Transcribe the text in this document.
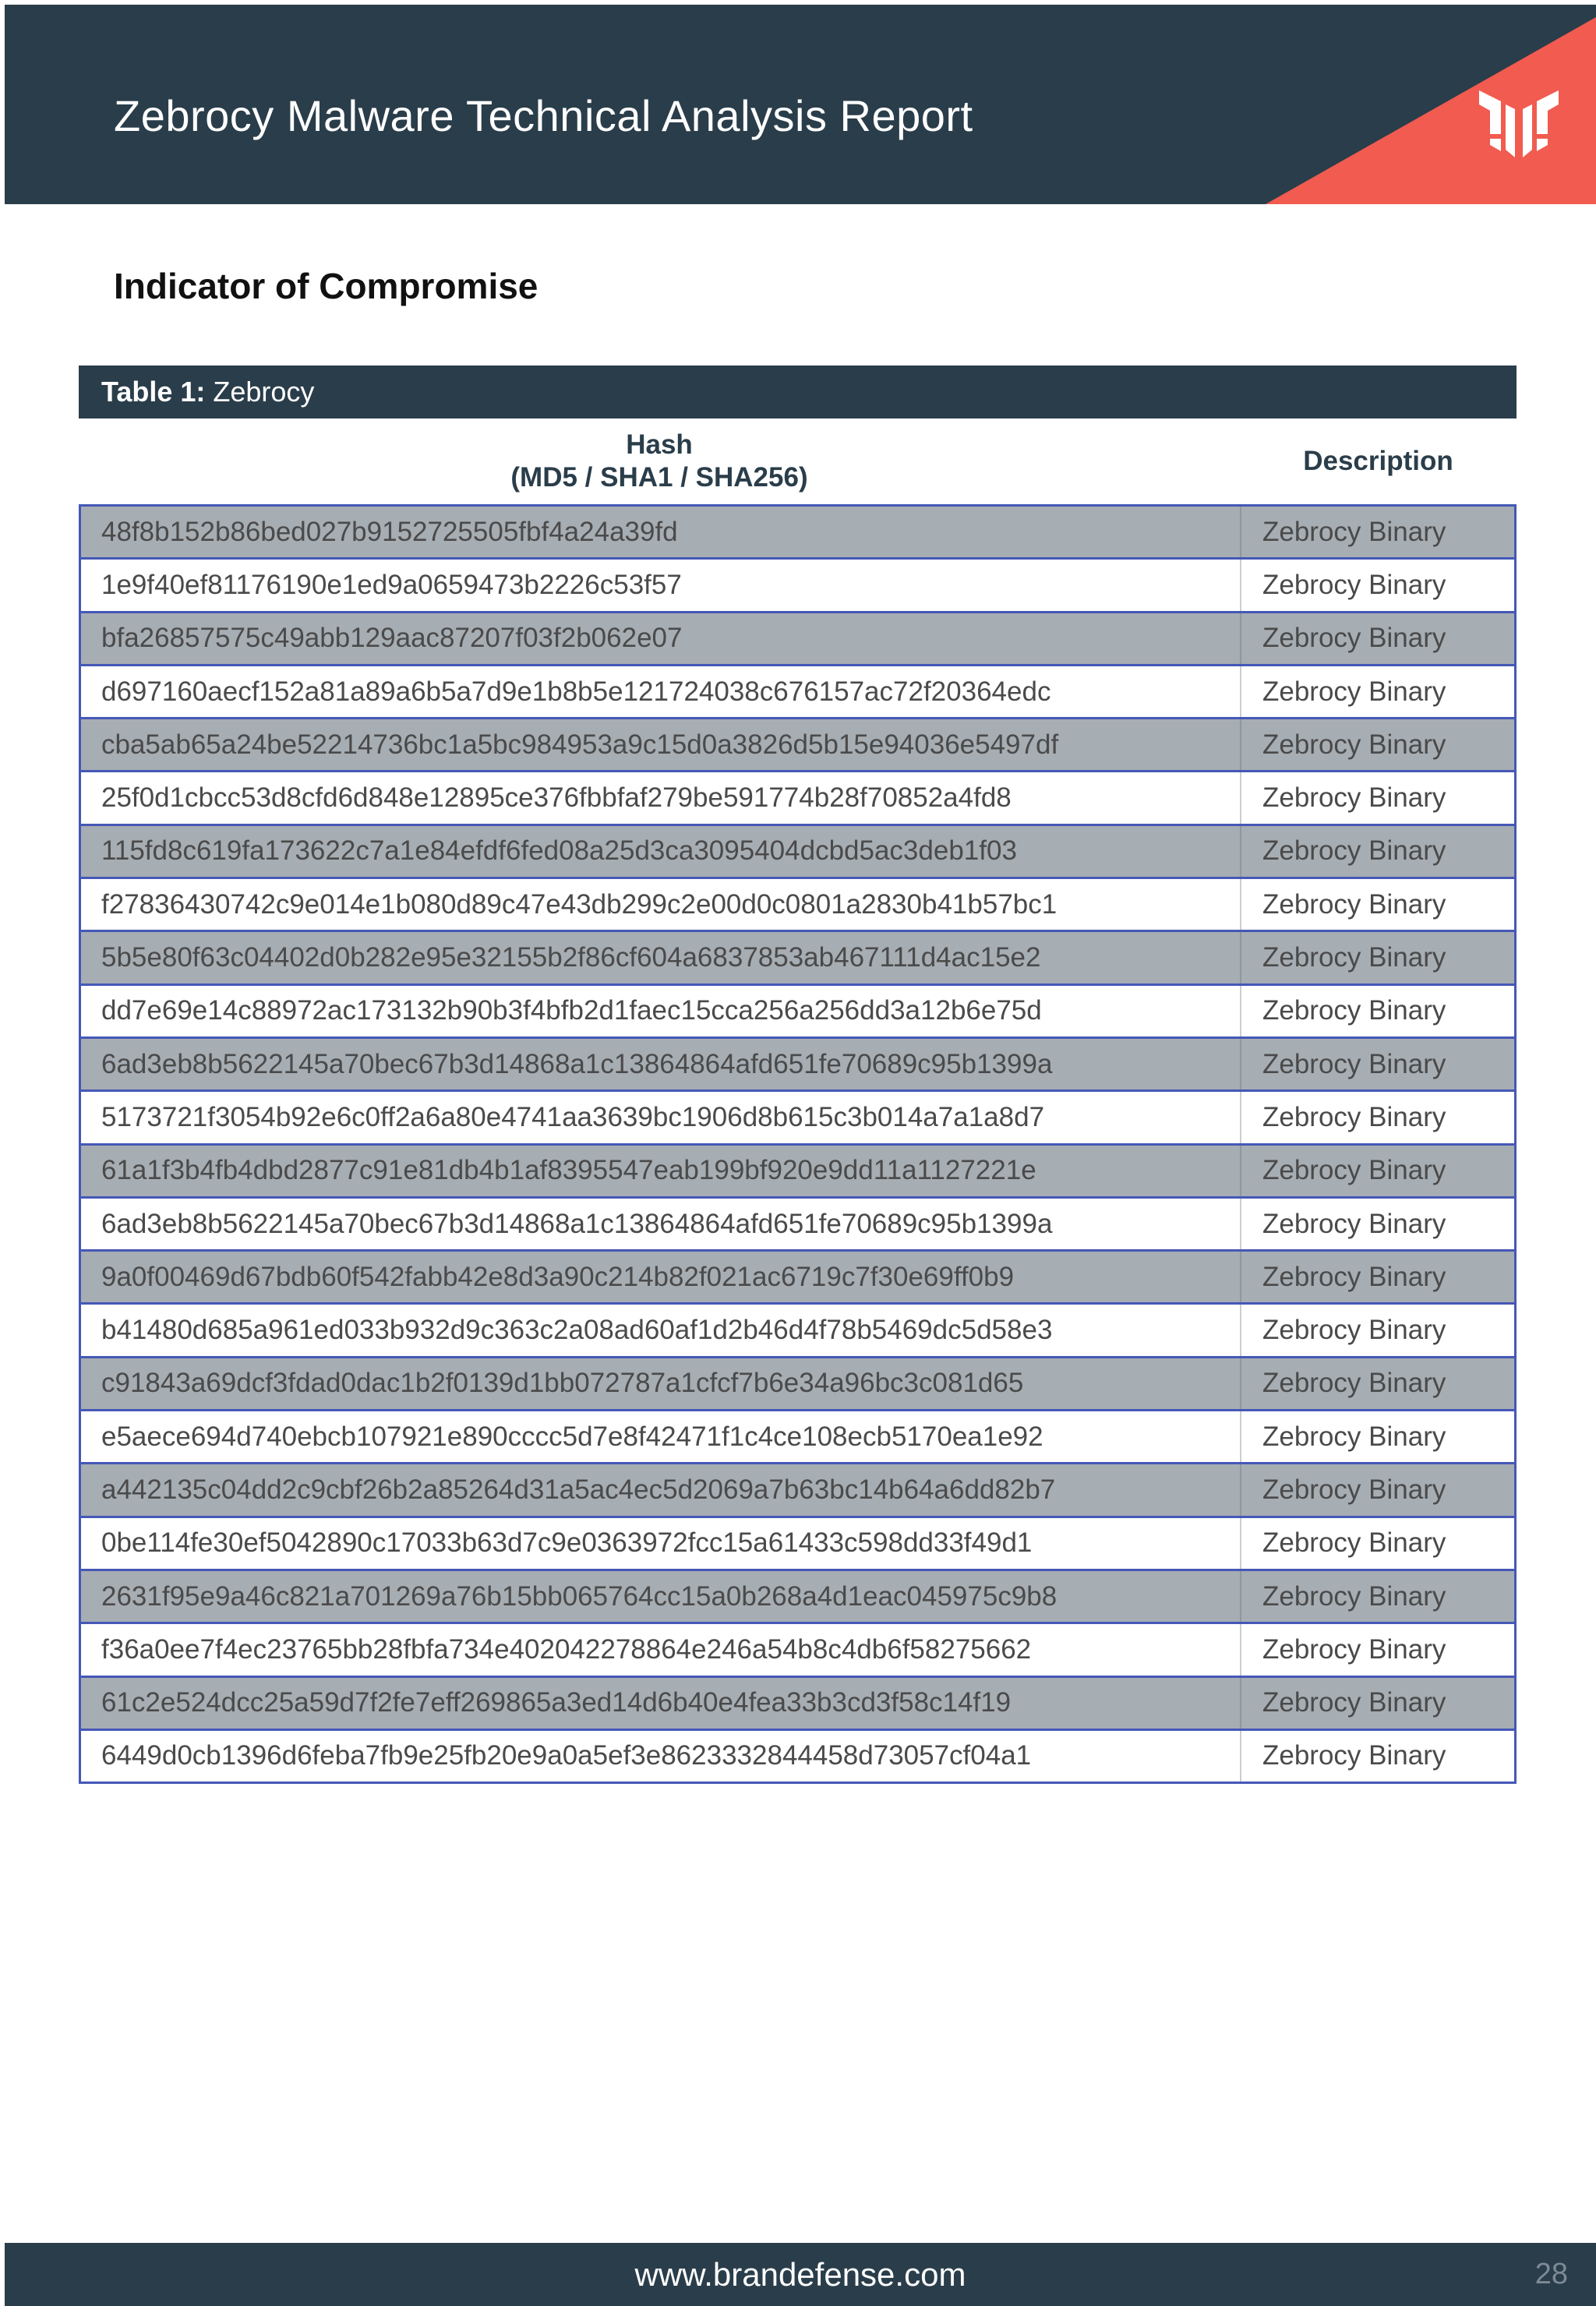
Zebrocy Malware Technical Analysis Report
Indicator of Compromise
Table 1: Zebrocy
Hash
(MD5 / SHA1 / SHA256)
Description
48f8b152b86bed027b9152725505fbf4a24a39fd	Zebrocy Binary
1e9f40ef81176190e1ed9a0659473b2226c53f57	Zebrocy Binary
bfa26857575c49abb129aac87207f03f2b062e07	Zebrocy Binary
d697160aecf152a81a89a6b5a7d9e1b8b5e121724038c676157ac72f20364edc	Zebrocy Binary
cba5ab65a24be52214736bc1a5bc984953a9c15d0a3826d5b15e94036e5497df	Zebrocy Binary
25f0d1cbcc53d8cfd6d848e12895ce376fbbfaf279be591774b28f70852a4fd8	Zebrocy Binary
115fd8c619fa173622c7a1e84efdf6fed08a25d3ca3095404dcbd5ac3deb1f03	Zebrocy Binary
f27836430742c9e014e1b080d89c47e43db299c2e00d0c0801a2830b41b57bc1	Zebrocy Binary
5b5e80f63c04402d0b282e95e32155b2f86cf604a6837853ab467111d4ac15e2	Zebrocy Binary
dd7e69e14c88972ac173132b90b3f4bfb2d1faec15cca256a256dd3a12b6e75d	Zebrocy Binary
6ad3eb8b5622145a70bec67b3d14868a1c13864864afd651fe70689c95b1399a	Zebrocy Binary
5173721f3054b92e6c0ff2a6a80e4741aa3639bc1906d8b615c3b014a7a1a8d7	Zebrocy Binary
61a1f3b4fb4dbd2877c91e81db4b1af8395547eab199bf920e9dd11a1127221e	Zebrocy Binary
6ad3eb8b5622145a70bec67b3d14868a1c13864864afd651fe70689c95b1399a	Zebrocy Binary
9a0f00469d67bdb60f542fabb42e8d3a90c214b82f021ac6719c7f30e69ff0b9	Zebrocy Binary
b41480d685a961ed033b932d9c363c2a08ad60af1d2b46d4f78b5469dc5d58e3	Zebrocy Binary
c91843a69dcf3fdad0dac1b2f0139d1bb072787a1cfcf7b6e34a96bc3c081d65	Zebrocy Binary
e5aece694d740ebcb107921e890cccc5d7e8f42471f1c4ce108ecb5170ea1e92	Zebrocy Binary
a442135c04dd2c9cbf26b2a85264d31a5ac4ec5d2069a7b63bc14b64a6dd82b7	Zebrocy Binary
0be114fe30ef5042890c17033b63d7c9e0363972fcc15a61433c598dd33f49d1	Zebrocy Binary
2631f95e9a46c821a701269a76b15bb065764cc15a0b268a4d1eac045975c9b8	Zebrocy Binary
f36a0ee7f4ec23765bb28fbfa734e402042278864e246a54b8c4db6f58275662	Zebrocy Binary
61c2e524dcc25a59d7f2fe7eff269865a3ed14d6b40e4fea33b3cd3f58c14f19	Zebrocy Binary
6449d0cb1396d6feba7fb9e25fb20e9a0a5ef3e8623332844458d73057cf04a1	Zebrocy Binary
www.brandefense.com	28
